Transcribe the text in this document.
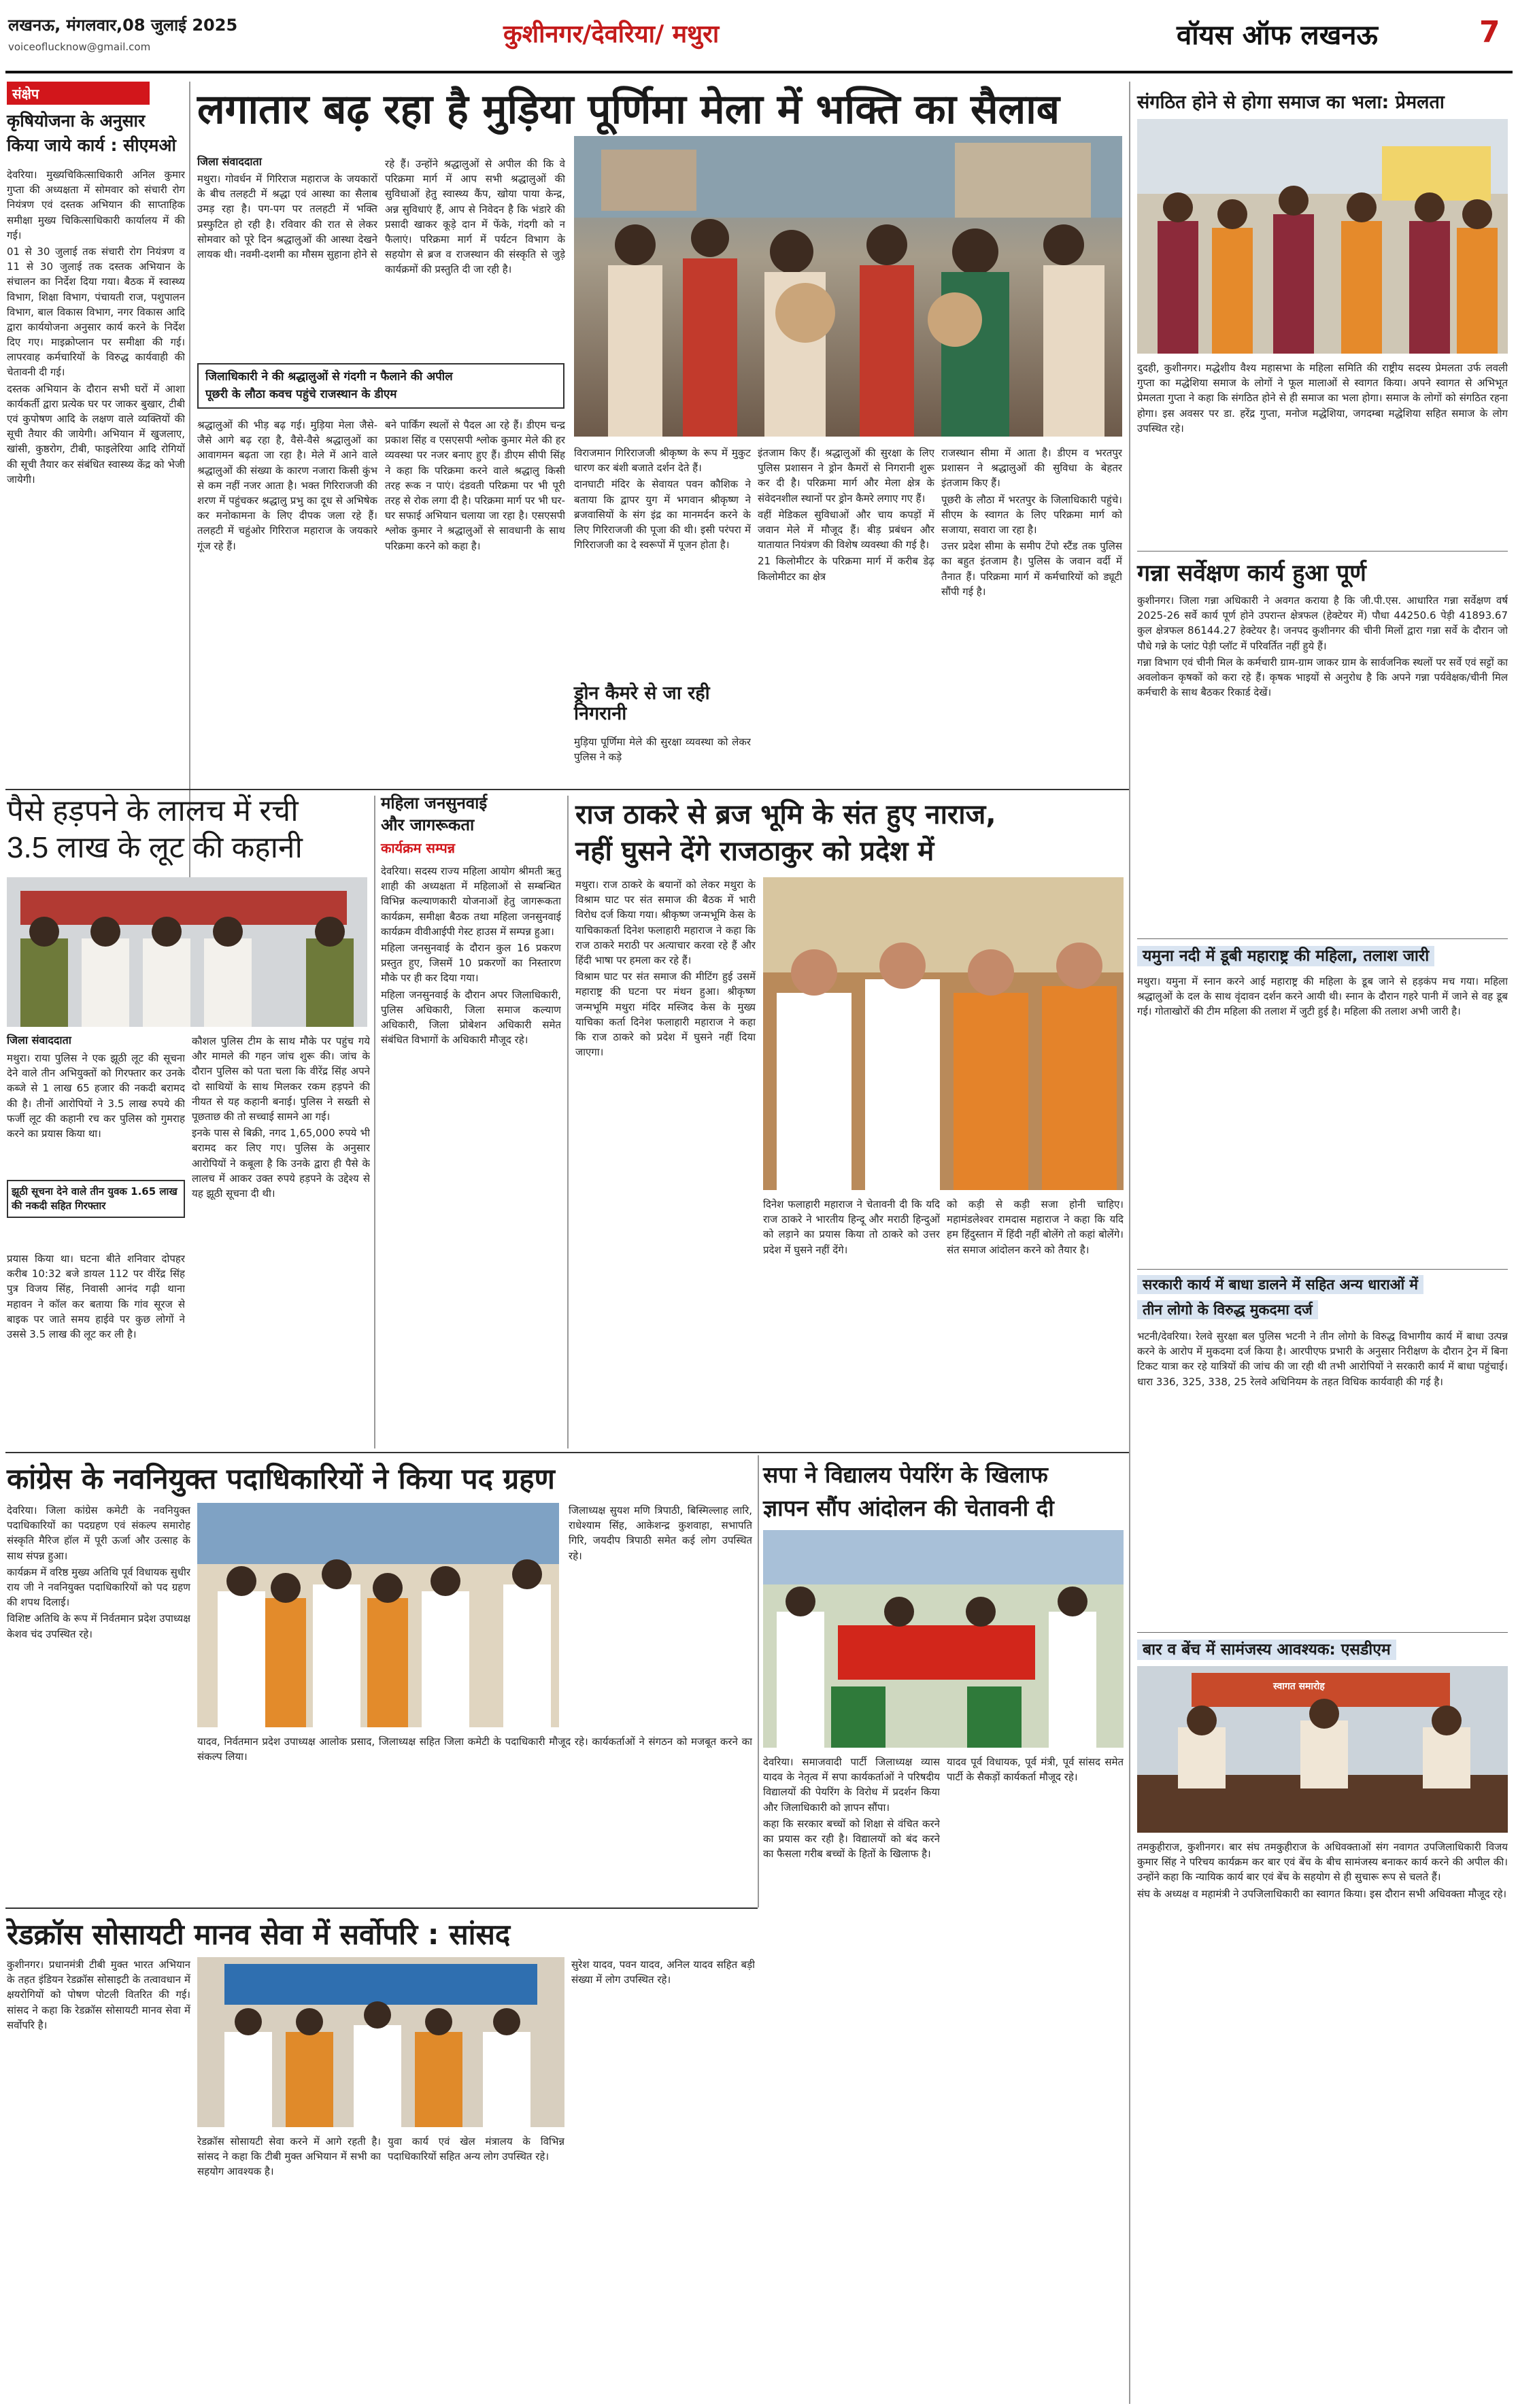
लखनऊ, मंगलवार,08 जुलाई 2025
voiceoflucknow@gmail.com	कुशीनगर/देवरिया/ मथुरा	वॉयस ऑफ लखनऊ	7
संक्षेप
कृषियोजना के अनुसार
किया जाये कार्य : सीएमओ
देवरिया। मुख्यचिकित्साधिकारी अनिल कुमार गुप्ता की अध्यक्षता में सोमवार को संचारी रोग नियंत्रण एवं दस्तक अभियान की साप्ताहिक समीक्षा मुख्य चिकित्साधिकारी कार्यालय में की गई।
01 से 30 जुलाई तक संचारी रोग नियंत्रण व 11 से 30 जुलाई तक दस्तक अभियान के संचालन का निर्देश दिया गया। बैठक में स्वास्थ्य विभाग, शिक्षा विभाग, पंचायती राज, पशुपालन विभाग, बाल विकास विभाग, नगर विकास आदि द्वारा कार्ययोजना अनुसार कार्य करने के निर्देश दिए गए। माइक्रोप्लान पर समीक्षा की गई। लापरवाह कर्मचारियों के विरुद्ध कार्यवाही की चेतावनी दी गई।
दस्तक अभियान के दौरान सभी घरों में आशा कार्यकर्ती द्वारा प्रत्येक घर पर जाकर बुखार, टीबी एवं कुपोषण आदि के लक्षण वाले व्यक्तियों की सूची तैयार की जायेगी। अभियान में खुजलाए, खांसी, कुष्ठरोग, टीबी, फाइलेरिया आदि रोगियों की सूची तैयार कर संबंधित स्वास्थ्य केंद्र को भेजी जायेगी।
लगातार बढ़ रहा है मुड़िया पूर्णिमा मेला में भक्ति का सैलाब
जिला संवाददाता
मथुरा। गोवर्धन में गिरिराज महाराज के जयकारों के बीच तलहटी में श्रद्धा एवं आस्था का सैलाब उमड़ रहा है। पग-पग पर तलहटी में भक्ति प्रस्फुटित हो रही है। रविवार की रात से लेकर सोमवार को पूरे दिन श्रद्धालुओं की आस्था देखने लायक थी। नवमी-दशमी का मौसम सुहाना होने से
जिलाधिकारी ने की श्रद्धालुओं से गंदगी न फैलाने की अपील
पूछरी के लौठा कवच पहुंचे राजस्थान के डीएम
श्रद्धालुओं की भीड़ बढ़ गई। मुड़िया मेला जैसे-जैसे आगे बढ़ रहा है, वैसे-वैसे श्रद्धालुओं का आवागमन बढ़ता जा रहा है। मेले में आने वाले श्रद्धालुओं की संख्या के कारण नजारा किसी कुंभ से कम नहीं नजर आता है। भक्त गिरिराजजी की शरण में पहुंचकर श्रद्धालु प्रभु का दूध से अभिषेक कर मनोकामना के लिए दीपक जला रहे हैं। तलहटी में चहुंओर गिरिराज महाराज के जयकारे गूंज रहे हैं।
रहे हैं। उन्होंने श्रद्धालुओं से अपील की कि वे परिक्रमा मार्ग में आप सभी श्रद्धालुओं की सुविधाओं हेतु स्वास्थ्य कैंप, खोया पाया केन्द्र, अन्न सुविधाएं हैं, आप से निवेदन है कि भंडारे की प्रसादी खाकर कूड़े दान में फेंके, गंदगी को न फैलाएं। परिक्रमा मार्ग में पर्यटन विभाग के सहयोग से ब्रज व राजस्थान की संस्कृति से जुड़े कार्यक्रमों की प्रस्तुति दी जा रही है।
बने पार्किंग स्थलों से पैदल आ रहे हैं। डीएम चन्द्र प्रकाश सिंह व एसएसपी श्लोक कुमार मेले की हर व्यवस्था पर नजर बनाए हुए हैं। डीएम सीपी सिंह ने कहा कि परिक्रमा करने वाले श्रद्धालु किसी तरह रूक न पाएं। दंडवती परिक्रमा पर भी पूरी तरह से रोक लगा दी है। परिक्रमा मार्ग पर भी घर-घर सफाई अभियान चलाया जा रहा है। एसएसपी श्लोक कुमार ने श्रद्धालुओं से सावधानी के साथ परिक्रमा करने को कहा है।
विराजमान गिरिराजजी श्रीकृष्ण के रूप में मुकुट धारण कर बंशी बजाते दर्शन देते हैं।
दानघाटी मंदिर के सेवायत पवन कौशिक ने बताया कि द्वापर युग में भगवान श्रीकृष्ण ने ब्रजवासियों के संग इंद्र का मानमर्दन करने के लिए गिरिराजजी की पूजा की थी। इसी परंपरा में गिरिराजजी का दे स्वरूपों में पूजन होता है।
ड्रोन कैमरे से जा रही निगरानी
मुड़िया पूर्णिमा मेले की सुरक्षा व्यवस्था को लेकर पुलिस ने कड़े
इंतजाम किए हैं। श्रद्धालुओं की सुरक्षा के लिए पुलिस प्रशासन ने ड्रोन कैमरों से निगरानी शुरू कर दी है। परिक्रमा मार्ग और मेला क्षेत्र के संवेदनशील स्थानों पर ड्रोन कैमरे लगाए गए हैं।
वहीं मेडिकल सुविधाओं और चाय कपड़ों में जवान मेले में मौजूद हैं। बीड़ प्रबंधन और यातायात नियंत्रण की विशेष व्यवस्था की गई है।
21 किलोमीटर के परिक्रमा मार्ग में करीब डेढ़ किलोमीटर का क्षेत्र
राजस्थान सीमा में आता है। डीएम व भरतपुर प्रशासन ने श्रद्धालुओं की सुविधा के बेहतर इंतजाम किए हैं।
पूछरी के लौठा में भरतपुर के जिलाधिकारी पहुंचे। सीएम के स्वागत के लिए परिक्रमा मार्ग को सजाया, सवारा जा रहा है।
उत्तर प्रदेश सीमा के समीप टेंपो स्टैंड तक पुलिस का बहुत इंतजाम है। पुलिस के जवान वर्दी में तैनात हैं। परिक्रमा मार्ग में कर्मचारियों को ड्यूटी सौंपी गई है।
संगठित होने से होगा समाज का भला: प्रेमलता
दुदही, कुशीनगर। मद्धेशीय वैश्य महासभा के महिला समिति की राष्ट्रीय सदस्य प्रेमलता उर्फ लवली गुप्ता का मद्धेशिया समाज के लोगों ने फूल मालाओं से स्वागत किया। अपने स्वागत से अभिभूत प्रेमलता गुप्ता ने कहा कि संगठित होने से ही समाज का भला होगा। समाज के लोगों को संगठित रहना होगा। इस अवसर पर डा. हरेंद्र गुप्ता, मनोज मद्धेशिया, जगदम्बा मद्धेशिया सहित समाज के लोग उपस्थित रहे।
गन्ना सर्वेक्षण कार्य हुआ पूर्ण
कुशीनगर। जिला गन्ना अधिकारी ने अवगत कराया है कि जी.पी.एस. आधारित गन्ना सर्वेक्षण वर्ष 2025-26 सर्वे कार्य पूर्ण होने उपरान्त क्षेत्रफल (हेक्टेयर में) पौधा 44250.6 पेड़ी 41893.67 कुल क्षेत्रफल 86144.27 हेक्टेयर है। जनपद कुशीनगर की चीनी मिलों द्वारा गन्ना सर्वे के दौरान जो पौधे गन्ने के प्लांट पेड़ी प्लॉट में परिवर्तित नहीं हुये हैं।
गन्ना विभाग एवं चीनी मिल के कर्मचारी ग्राम-ग्राम जाकर ग्राम के सार्वजनिक स्थलों पर सर्वे एवं सट्टों का अवलोकन कृषकों को करा रहे हैं। कृषक भाइयों से अनुरोध है कि अपने गन्ना पर्यवेक्षक/चीनी मिल कर्मचारी के साथ बैठकर रिकार्ड देखें।
यमुना नदी में डूबी महाराष्ट्र की महिला, तलाश जारी
मथुरा। यमुना में स्नान करने आई महाराष्ट्र की महिला के डूब जाने से हड़कंप मच गया। महिला श्रद्धालुओं के दल के साथ वृंदावन दर्शन करने आयी थी। स्नान के दौरान गहरे पानी में जाने से वह डूब गई। गोताखोरों की टीम महिला की तलाश में जुटी हुई है। महिला की तलाश अभी जारी है।
सरकारी कार्य में बाधा डालने में सहित अन्य धाराओं में
तीन लोगो के विरुद्ध मुकदमा दर्ज
भटनी/देवरिया। रेलवे सुरक्षा बल पुलिस भटनी ने तीन लोगो के विरुद्ध विभागीय कार्य में बाधा उत्पन्न करने के आरोप में मुकदमा दर्ज किया है। आरपीएफ प्रभारी के अनुसार निरीक्षण के दौरान ट्रेन में बिना टिकट यात्रा कर रहे यात्रियों की जांच की जा रही थी तभी आरोपियों ने सरकारी कार्य में बाधा पहुंचाई। धारा 336, 325, 338, 25 रेलवे अधिनियम के तहत विधिक कार्यवाही की गई है।
बार व बेंच में सामंजस्य आवश्यक: एसडीएम
स्वागत समारोह
तमकुहीराज, कुशीनगर। बार संघ तमकुहीराज के अधिवक्ताओं संग नवागत उपजिलाधिकारी विजय कुमार सिंह ने परिचय कार्यक्रम कर बार एवं बेंच के बीच सामंजस्य बनाकर कार्य करने की अपील की। उन्होंने कहा कि न्यायिक कार्य बार एवं बेंच के सहयोग से ही सुचारू रूप से चलते हैं।
संघ के अध्यक्ष व महामंत्री ने उपजिलाधिकारी का स्वागत किया। इस दौरान सभी अधिवक्ता मौजूद रहे।
पैसे हड़पने के लालच में रची
3.5 लाख के लूट की कहानी
जिला संवाददाता
मथुरा। राया पुलिस ने एक झूठी लूट की सूचना देने वाले तीन अभियुक्तों को गिरफ्तार कर उनके कब्जे से 1 लाख 65 हजार की नकदी बरामद की है। तीनों आरोपियों ने 3.5 लाख रुपये की फर्जी लूट की कहानी रच कर पुलिस को गुमराह करने का प्रयास किया था।
झूठी सूचना देने वाले तीन युवक 1.65 लाख की नकदी सहित गिरफ्तार
प्रयास किया था। घटना बीते शनिवार दोपहर करीब 10:32 बजे डायल 112 पर वीरेंद्र सिंह पुत्र विजय सिंह, निवासी आनंद गढ़ी थाना महावन ने कॉल कर बताया कि गांव सूरज से बाइक पर जाते समय हाईवे पर कुछ लोगों ने उससे 3.5 लाख की लूट कर ली है।
कौशल पुलिस टीम के साथ मौके पर पहुंच गये और मामले की गहन जांच शुरू की। जांच के दौरान पुलिस को पता चला कि वीरेंद्र सिंह अपने दो साथियों के साथ मिलकर रकम हड़पने की नीयत से यह कहानी बनाई। पुलिस ने सख्ती से पूछताछ की तो सच्चाई सामने आ गई।
इनके पास से बिक्री, नगद 1,65,000 रुपये भी बरामद कर लिए गए। पुलिस के अनुसार आरोपियों ने कबूला है कि उनके द्वारा ही पैसे के लालच में आकर उक्त रुपये हड़पने के उद्देश्य से यह झूठी सूचना दी थी।
महिला जनसुनवाई
और जागरूकता
कार्यक्रम सम्पन्न
देवरिया। सदस्य राज्य महिला आयोग श्रीमती ऋतु शाही की अध्यक्षता में महिलाओं से सम्बन्धित विभिन्न कल्याणकारी योजनाओं हेतु जागरूकता कार्यक्रम, समीक्षा बैठक तथा महिला जनसुनवाई कार्यक्रम वीवीआईपी गेस्ट हाउस में सम्पन्न हुआ।
महिला जनसुनवाई के दौरान कुल 16 प्रकरण प्रस्तुत हुए, जिसमें 10 प्रकरणों का निस्तारण मौके पर ही कर दिया गया।
महिला जनसुनवाई के दौरान अपर जिलाधिकारी, पुलिस अधिकारी, जिला समाज कल्याण अधिकारी, जिला प्रोबेशन अधिकारी समेत संबंधित विभागों के अधिकारी मौजूद रहे।
राज ठाकरे से ब्रज भूमि के संत हुए नाराज,
नहीं घुसने देंगे राजठाकुर को प्रदेश में
मथुरा। राज ठाकरे के बयानों को लेकर मथुरा के विश्राम घाट पर संत समाज की बैठक में भारी विरोध दर्ज किया गया। श्रीकृष्ण जन्मभूमि केस के याचिकाकर्ता दिनेश फलाहारी महाराज ने कहा कि राज ठाकरे मराठी पर अत्याचार करवा रहे हैं और हिंदी भाषा पर हमला कर रहे हैं।
विश्राम घाट पर संत समाज की मीटिंग हुई उसमें महाराष्ट्र की घटना पर मंथन हुआ। श्रीकृष्ण जन्मभूमि मथुरा मंदिर मस्जिद केस के मुख्य याचिका कर्ता दिनेश फलाहारी महाराज ने कहा कि राज ठाकरे को प्रदेश में घुसने नहीं दिया जाएगा।
दिनेश फलाहारी महाराज ने चेतावनी दी कि यदि राज ठाकरे ने भारतीय हिन्दू और मराठी हिन्दुओं को लड़ाने का प्रयास किया तो ठाकरे को उत्तर प्रदेश में घुसने नहीं देंगे।
को कड़ी से कड़ी सजा होनी चाहिए। महामंडलेश्वर रामदास महाराज ने कहा कि यदि हम हिंदुस्तान में हिंदी नहीं बोलेंगे तो कहां बोलेंगे। संत समाज आंदोलन करने को तैयार है।
कांग्रेस के नवनियुक्त पदाधिकारियों ने किया पद ग्रहण
देवरिया। जिला कांग्रेस कमेटी के नवनियुक्त पदाधिकारियों का पदग्रहण एवं संकल्प समारोह संस्कृति मैरिज हॉल में पूरी ऊर्जा और उत्साह के साथ संपन्न हुआ।
कार्यक्रम में वरिष्ठ मुख्य अतिथि पूर्व विधायक सुधीर राय जी ने नवनियुक्त पदाधिकारियों को पद ग्रहण की शपथ दिलाई।
विशिष्ट अतिथि के रूप में निर्वतमान प्रदेश उपाध्यक्ष केशव चंद उपस्थित रहे।
जिलाध्यक्ष सुयश मणि त्रिपाठी, बिस्मिल्लाह लारि, राधेश्याम सिंह, आकेशन्द्र कुशवाहा, सभापति गिरि, जयदीप त्रिपाठी समेत कई लोग उपस्थित रहे।
यादव, निर्वतमान प्रदेश उपाध्यक्ष आलोक प्रसाद, जिलाध्यक्ष सहित जिला कमेटी के पदाधिकारी मौजूद रहे। कार्यकर्ताओं ने संगठन को मजबूत करने का संकल्प लिया।
सपा ने विद्यालय पेयरिंग के खिलाफ
ज्ञापन सौंप आंदोलन की चेतावनी दी
देवरिया। समाजवादी पार्टी जिलाध्यक्ष व्यास यादव के नेतृत्व में सपा कार्यकर्ताओं ने परिषदीय विद्यालयों की पेयरिंग के विरोध में प्रदर्शन किया और जिलाधिकारी को ज्ञापन सौंपा।
कहा कि सरकार बच्चों को शिक्षा से वंचित करने का प्रयास कर रही है। विद्यालयों को बंद करने का फैसला गरीब बच्चों के हितों के खिलाफ है।
यादव पूर्व विधायक, पूर्व मंत्री, पूर्व सांसद समेत पार्टी के सैकड़ों कार्यकर्ता मौजूद रहे।
रेडक्रॉस सोसायटी मानव सेवा में सर्वोपरि : सांसद
कुशीनगर। प्रधानमंत्री टीबी मुक्त भारत अभियान के तहत इंडियन रेडक्रॉस सोसाइटी के तत्वावधान में क्षयरोगियों को पोषण पोटली वितरित की गई। सांसद ने कहा कि रेडक्रॉस सोसायटी मानव सेवा में सर्वोपरि है।
रेडक्रॉस सोसायटी सेवा करने में आगे रहती है। सांसद ने कहा कि टीबी मुक्त अभियान में सभी का सहयोग आवश्यक है।
युवा कार्य एवं खेल मंत्रालय के विभिन्न पदाधिकारियों सहित अन्य लोग उपस्थित रहे।
सुरेश यादव, पवन यादव, अनिल यादव सहित बड़ी संख्या में लोग उपस्थित रहे।
